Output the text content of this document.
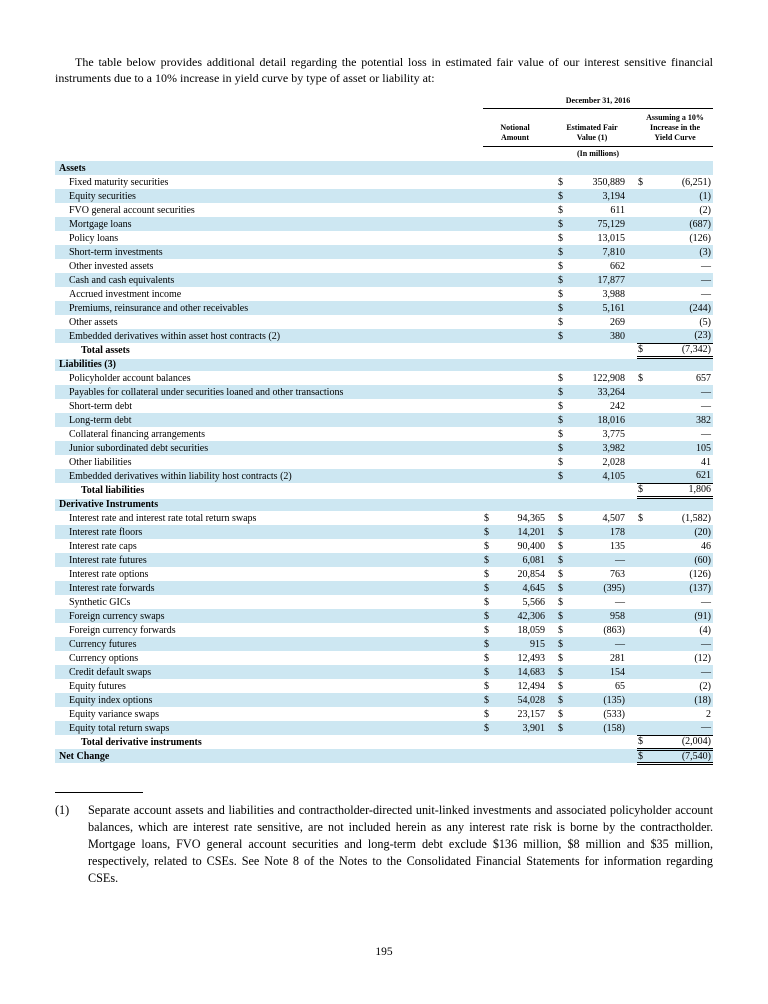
The table below provides additional detail regarding the potential loss in estimated fair value of our interest sensitive financial instruments due to a 10% increase in yield curve by type of asset or liability at:

		December 31, 2016							
		Notional Amount			Estimated Fair Value (1)			Assuming a 10% Increase in the Yield Curve	
		(In millions)							
Assets									
Fixed maturity securities					$	350,889		$	(6,251)
Equity securities					$	3,194			(1)
FVO general account securities					$	611			(2)
Mortgage loans					$	75,129			(687)
Policy loans					$	13,015			(126)
Short-term investments					$	7,810			(3)
Other invested assets					$	662			—
Cash and cash equivalents					$	17,877			—
Accrued investment income					$	3,988			—
Premiums, reinsurance and other receivables					$	5,161			(244)
Other assets					$	269			(5)
Embedded derivatives within asset host contracts (2)					$	380			(23)
Total assets								$	(7,342)
Liabilities (3)									
Policyholder account balances					$	122,908		$	657
Payables for collateral under securities loaned and other transactions					$	33,264			—
Short-term debt					$	242			—
Long-term debt					$	18,016			382
Collateral financing arrangements					$	3,775			—
Junior subordinated debt securities					$	3,982			105
Other liabilities					$	2,028			41
Embedded derivatives within liability host contracts (2)					$	4,105			621
Total liabilities								$	1,806
Derivative Instruments									
Interest rate and interest rate total return swaps		$	94,365		$	4,507		$	(1,582)
Interest rate floors		$	14,201		$	178			(20)
Interest rate caps		$	90,400		$	135			46
Interest rate futures		$	6,081		$	—			(60)
Interest rate options		$	20,854		$	763			(126)
Interest rate forwards		$	4,645		$	(395)			(137)
Synthetic GICs		$	5,566		$	—			—
Foreign currency swaps		$	42,306		$	958			(91)
Foreign currency forwards		$	18,059		$	(863)			(4)
Currency futures		$	915		$	—			—
Currency options		$	12,493		$	281			(12)
Credit default swaps		$	14,683		$	154			—
Equity futures		$	12,494		$	65			(2)
Equity index options		$	54,028		$	(135)			(18)
Equity variance swaps		$	23,157		$	(533)			2
Equity total return swaps		$	3,901		$	(158)			—
Total derivative instruments								$	(2,004)
Net Change								$	(7,540)
(1)	Separate account assets and liabilities and contractholder-directed unit-linked investments and associated policyholder account balances, which are interest rate sensitive, are not included herein as any interest rate risk is borne by the contractholder. Mortgage loans, FVO general account securities and long-term debt exclude $136 million, $8 million and $35 million, respectively, related to CSEs. See Note 8 of the Notes to the Consolidated Financial Statements for information regarding CSEs.
195
